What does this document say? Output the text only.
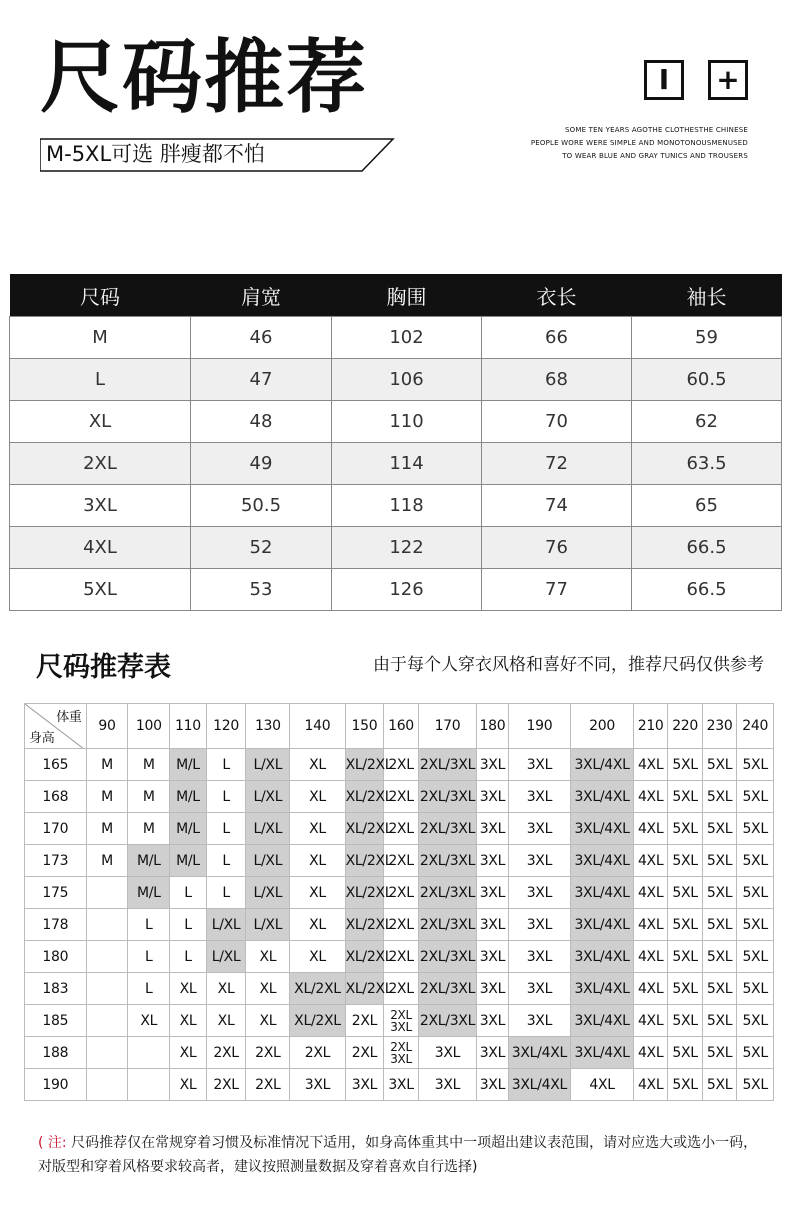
尺码推荐
M-5XL可选 胖瘦都不怕
I	+
SOME TEN YEARS AGOTHE CLOTHESTHE CHINESE
PEOPLE WORE WERE SIMPLE AND MONOTONOUSMENUSED
TO WEAR BLUE AND GRAY TUNICS AND TROUSERS
尺码	肩宽	胸围	衣长	袖长
M	46	102	66	59
L	47	106	68	60.5
XL	48	110	70	62
2XL	49	114	72	63.5
3XL	50.5	118	74	65
4XL	52	122	76	66.5
5XL	53	126	77	66.5
尺码推荐表	由于每个人穿衣风格和喜好不同，推荐尺码仅供参考
体重
身高	90	100	110	120	130	140	150	160	170	180	190	200	210	220	230	240
165	M	M	M/L	L	L/XL	XL	XL/2XL	2XL	2XL/3XL	3XL	3XL	3XL/4XL	4XL	5XL	5XL	5XL
168	M	M	M/L	L	L/XL	XL	XL/2XL	2XL	2XL/3XL	3XL	3XL	3XL/4XL	4XL	5XL	5XL	5XL
170	M	M	M/L	L	L/XL	XL	XL/2XL	2XL	2XL/3XL	3XL	3XL	3XL/4XL	4XL	5XL	5XL	5XL
173	M	M/L	M/L	L	L/XL	XL	XL/2XL	2XL	2XL/3XL	3XL	3XL	3XL/4XL	4XL	5XL	5XL	5XL
175		M/L	L	L	L/XL	XL	XL/2XL	2XL	2XL/3XL	3XL	3XL	3XL/4XL	4XL	5XL	5XL	5XL
178		L	L	L/XL	L/XL	XL	XL/2XL	2XL	2XL/3XL	3XL	3XL	3XL/4XL	4XL	5XL	5XL	5XL
180		L	L	L/XL	XL	XL	XL/2XL	2XL	2XL/3XL	3XL	3XL	3XL/4XL	4XL	5XL	5XL	5XL
183		L	XL	XL	XL	XL/2XL	XL/2XL	2XL	2XL/3XL	3XL	3XL	3XL/4XL	4XL	5XL	5XL	5XL
185		XL	XL	XL	XL	XL/2XL	2XL	2XL 3XL	2XL/3XL	3XL	3XL	3XL/4XL	4XL	5XL	5XL	5XL
188			XL	2XL	2XL	2XL	2XL	2XL 3XL	3XL	3XL	3XL/4XL	3XL/4XL	4XL	5XL	5XL	5XL
190			XL	2XL	2XL	3XL	3XL	3XL	3XL	3XL	3XL/4XL	4XL	4XL	5XL	5XL	5XL
( 注: 尺码推荐仅在常规穿着习惯及标准情况下适用，如身高体重其中一项超出建议表范围，请对应选大或选小一码，对版型和穿着风格要求较高者，建议按照测量数据及穿着喜欢自行选择)
